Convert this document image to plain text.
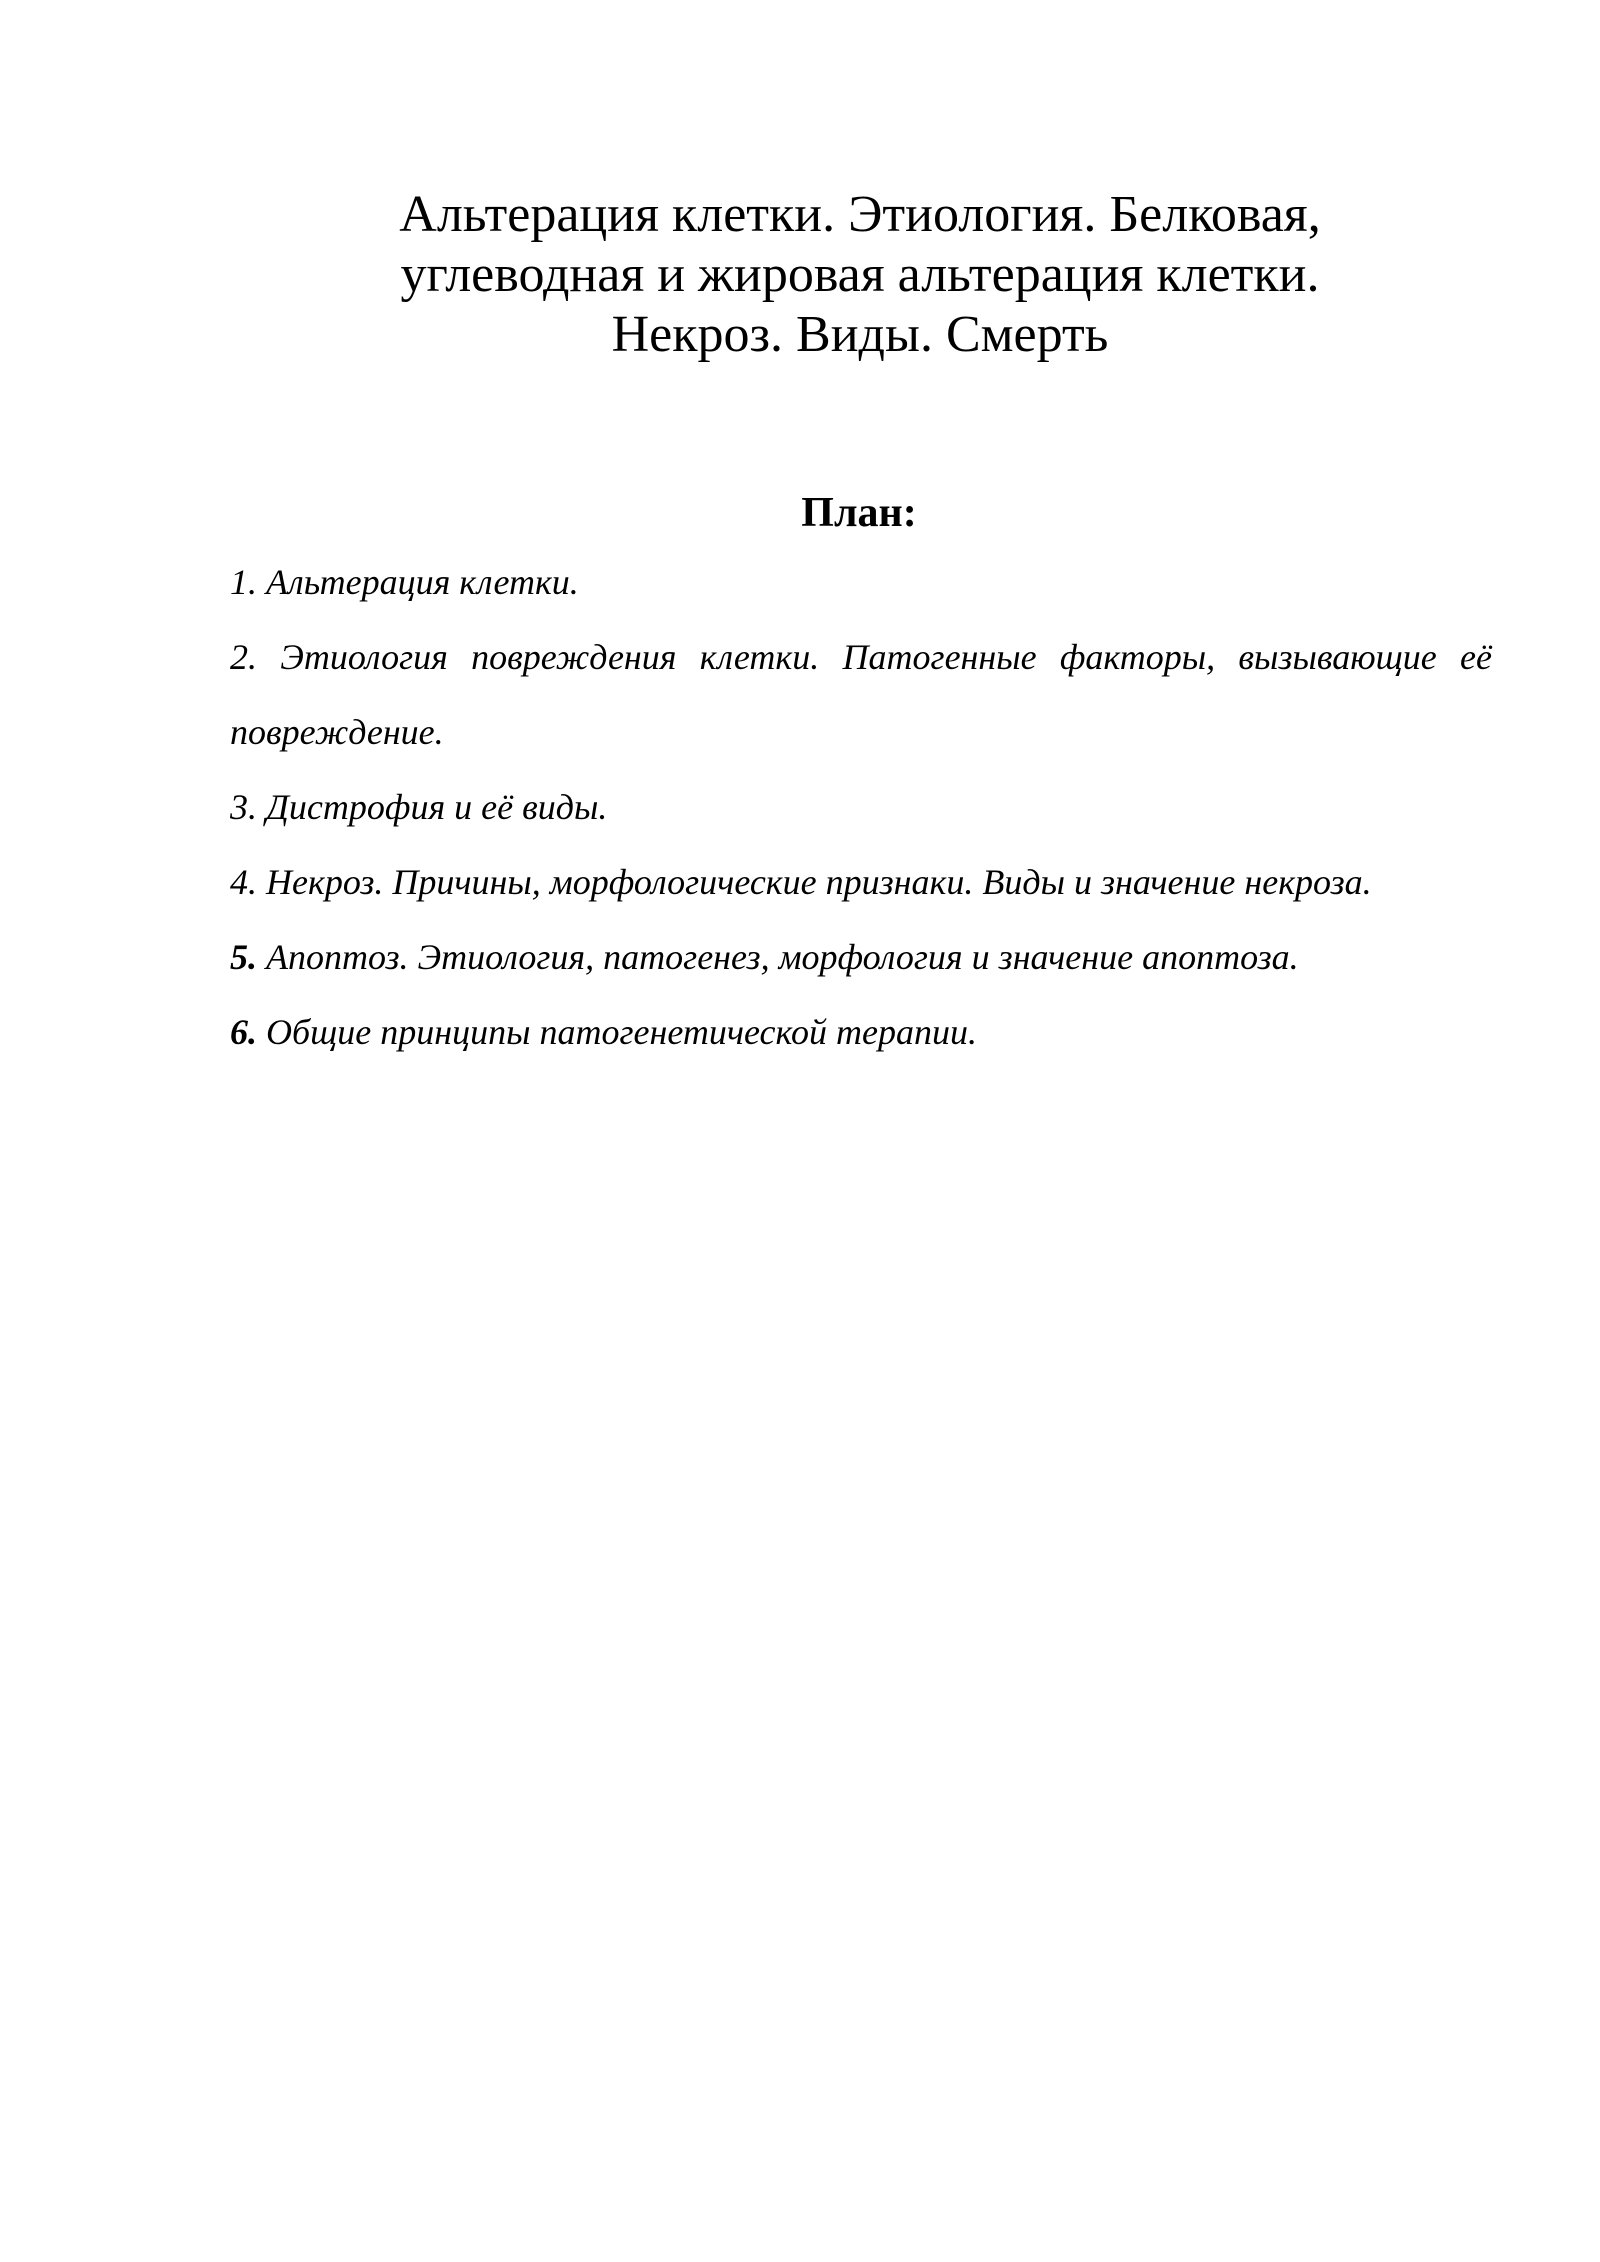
Альтерация клетки. Этиология. Белковая,
углеводная и жировая альтерация клетки.
Некроз. Виды. Смерть
План:
1. Альтерация клетки.
2. Этиология повреждения клетки. Патогенные факторы, вызывающие её повреждение.
3. Дистрофия и её виды.
4. Некроз. Причины, морфологические признаки. Виды и значение некроза.
5. Апоптоз. Этиология, патогенез, морфология и значение апоптоза.
6. Общие принципы патогенетической терапии.
